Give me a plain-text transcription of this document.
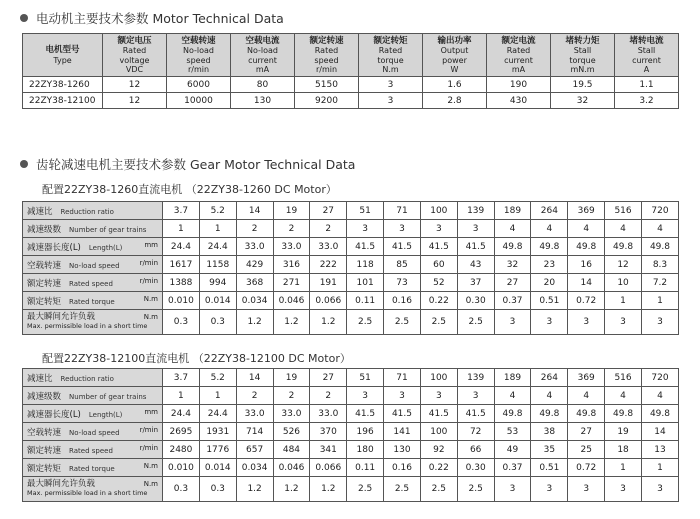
电动机主要技术参数 Motor Technical Data
电机型号
Type	额定电压
Rated
voltage
VDC	空载转速
No-load
speed
r/min	空载电流
No-load
current
mA	额定转速
Rated
speed
r/min	额定转矩
Rated
torque
N.m	输出功率
Output
power
W	额定电流
Rated
current
mA	堵转力矩
Stall
torque
mN.m	堵转电流
Stall
current
A
22ZY38-1260	12	6000	80	5150	3	1.6	190	19.5	1.1
22ZY38-12100	12	10000	130	9200	3	2.8	430	32	3.2
齿轮减速电机主要技术参数 Gear Motor Technical Data
配置22ZY38-1260直流电机 （22ZY38-1260 DC Motor）
减速比 Reduction ratio	3.7	5.2	14	19	27	51	71	100	139	189	264	369	516	720
减速级数 Number of gear trains	1	1	2	2	2	3	3	3	3	4	4	4	4	4

mm
减速器长度(L) Length(L)	24.4	24.4	33.0	33.0	33.0	41.5	41.5	41.5	41.5	49.8	49.8	49.8	49.8	49.8

r/min
空载转速 No-load speed	1617	1158	429	316	222	118	85	60	43	32	23	16	12	8.3

r/min
额定转速 Rated speed	1388	994	368	271	191	101	73	52	37	27	20	14	10	7.2

N.m
额定转矩 Rated torque	0.010	0.014	0.034	0.046	0.066	0.11	0.16	0.22	0.30	0.37	0.51	0.72	1	1

N.m
最大瞬间允许负载
Max. permissible load in a short time	0.3	0.3	1.2	1.2	1.2	2.5	2.5	2.5	2.5	3	3	3	3	3
配置22ZY38-12100直流电机 （22ZY38-12100 DC Motor）
减速比 Reduction ratio	3.7	5.2	14	19	27	51	71	100	139	189	264	369	516	720
减速级数 Number of gear trains	1	1	2	2	2	3	3	3	3	4	4	4	4	4

mm
减速器长度(L) Length(L)	24.4	24.4	33.0	33.0	33.0	41.5	41.5	41.5	41.5	49.8	49.8	49.8	49.8	49.8

r/min
空载转速 No-load speed	2695	1931	714	526	370	196	141	100	72	53	38	27	19	14

r/min
额定转速 Rated speed	2480	1776	657	484	341	180	130	92	66	49	35	25	18	13

N.m
额定转矩 Rated torque	0.010	0.014	0.034	0.046	0.066	0.11	0.16	0.22	0.30	0.37	0.51	0.72	1	1

N.m
最大瞬间允许负载
Max. permissible load in a short time	0.3	0.3	1.2	1.2	1.2	2.5	2.5	2.5	2.5	3	3	3	3	3
